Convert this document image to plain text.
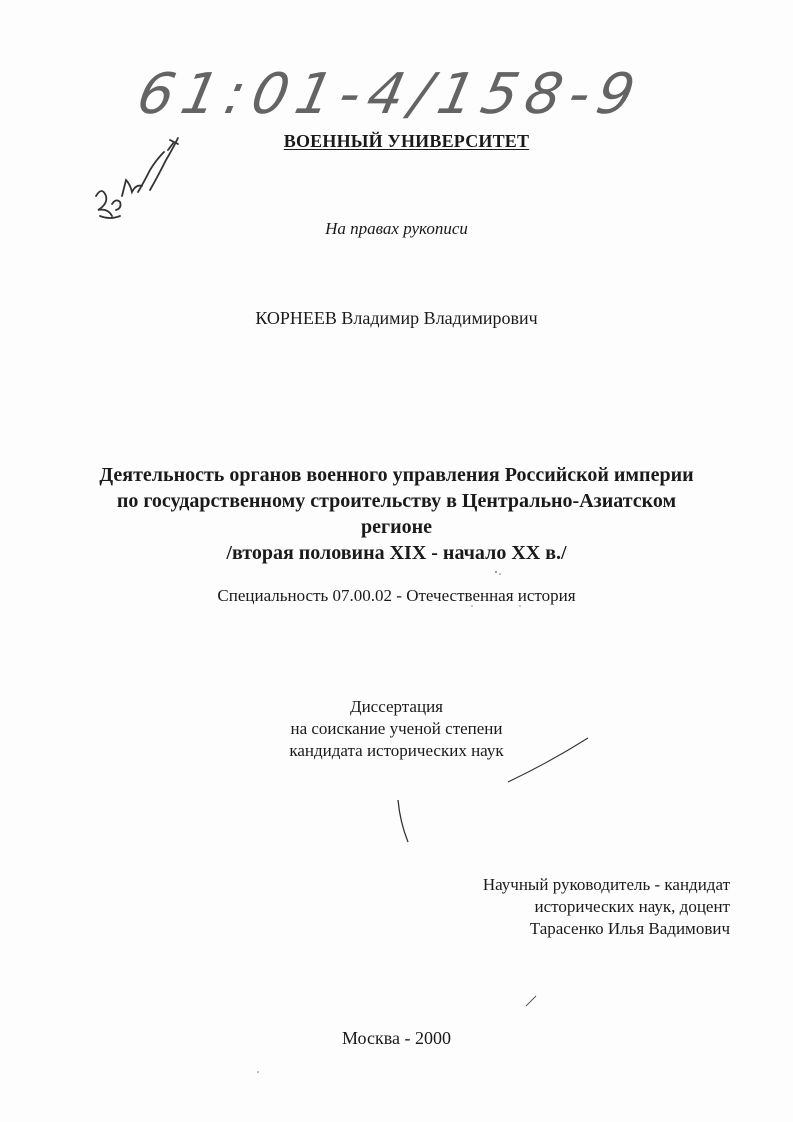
61:01-4/158-9
ВОЕННЫЙ УНИВЕРСИТЕТ
На правах рукописи
КОРНЕЕВ Владимир Владимирович
Деятельность органов военного управления Российской империи
по государственному строительству в Центрально-Азиатском
регионе
/вторая половина XIX - начало XX в./
Специальность 07.00.02 - Отечественная история
Диссертация
на соискание ученой степени
кандидата исторических наук
Научный руководитель - кандидат
исторических наук, доцент
Тарасенко Илья Вадимович
Москва - 2000
